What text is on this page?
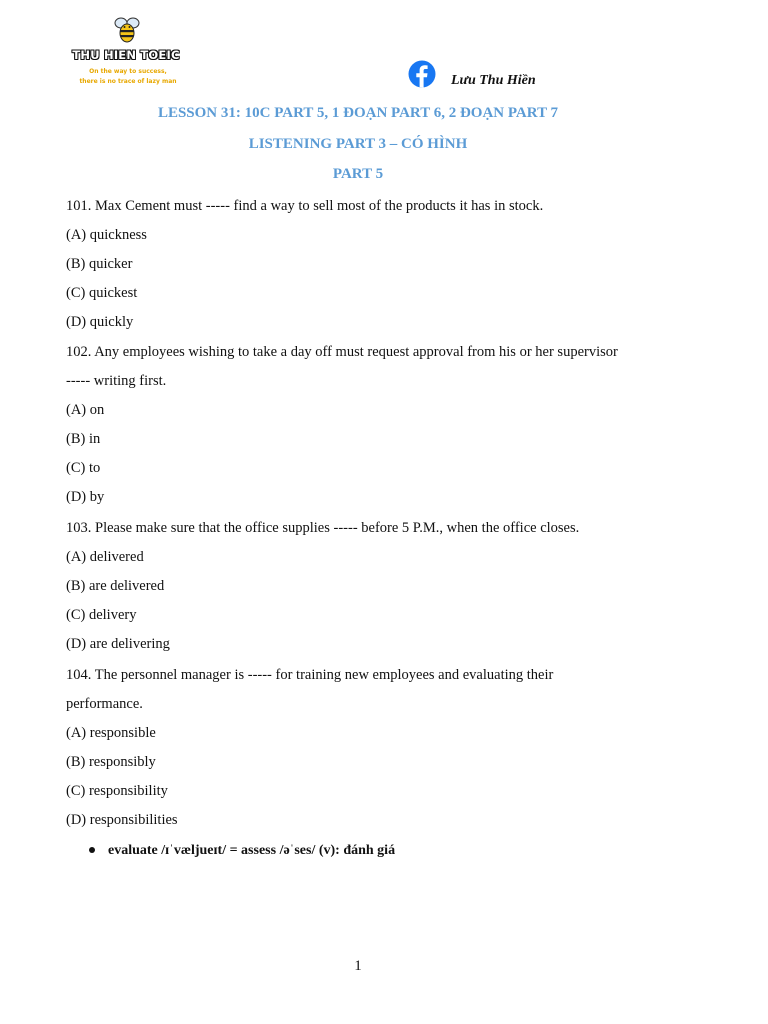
THU HIEN TOEIC
On the way to success,
there is no trace of lazy man	Lưu Thu Hiền
LESSON 31: 10C PART 5, 1 ĐOẠN PART 6, 2 ĐOẠN PART 7
LISTENING PART 3 – CÓ HÌNH
PART 5
101. Max Cement must ----- find a way to sell most of the products it has in stock.
(A) quickness
(B) quicker
(C) quickest
(D) quickly
102. Any employees wishing to take a day off must request approval from his or her supervisor
----- writing first.
(A) on
(B) in
(C) to
(D) by
103. Please make sure that the office supplies ----- before 5 P.M., when the office closes.
(A) delivered
(B) are delivered
(C) delivery
(D) are delivering
104. The personnel manager is ----- for training new employees and evaluating their
performance.
(A) responsible
(B) responsibly
(C) responsibility
(D) responsibilities
evaluate /ɪˈvæljueɪt/ = assess /əˈses/ (v): đánh giá
1
